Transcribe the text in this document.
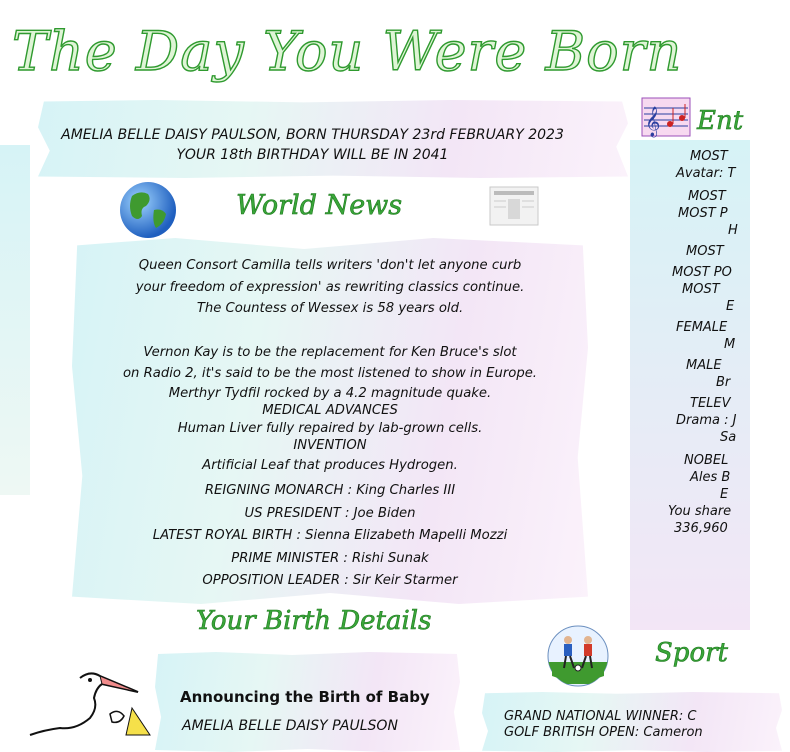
The Day You Were Born
AMELIA BELLE DAISY PAULSON, BORN THURSDAY 23rd FEBRUARY 2023
YOUR 18th BIRTHDAY WILL BE IN 2041
World News

Queen Consort Camilla tells writers 'don't let anyone curb

your freedom of expression' as rewriting classics continue.

The Countess of Wessex is 58 years old.

Vernon Kay is to be the replacement for Ken Bruce's slot

on Radio 2, it's said to be the most listened to show in Europe.

Merthyr Tydfil rocked by a 4.2 magnitude quake.

MEDICAL ADVANCES

Human Liver fully repaired by lab-grown cells.

INVENTION

Artificial Leaf that produces Hydrogen.

REIGNING MONARCH : King Charles III

US PRESIDENT : Joe Biden

LATEST ROYAL BIRTH : Sienna Elizabeth Mapelli Mozzi

PRIME MINISTER : Rishi Sunak

OPPOSITION LEADER : Sir Keir Starmer

𝄞 Ent

MOST

Avatar: T

MOST

MOST P

H

MOST

MOST PO

MOST

E

FEMALE

M

MALE

Br

TELEV

Drama : J

Sa

NOBEL

Ales B

E

You share

336,960

Your Birth Details
Announcing the Birth of Baby
AMELIA BELLE DAISY PAULSON
Sport
GRAND NATIONAL WINNER: C
GOLF BRITISH OPEN: Cameron
